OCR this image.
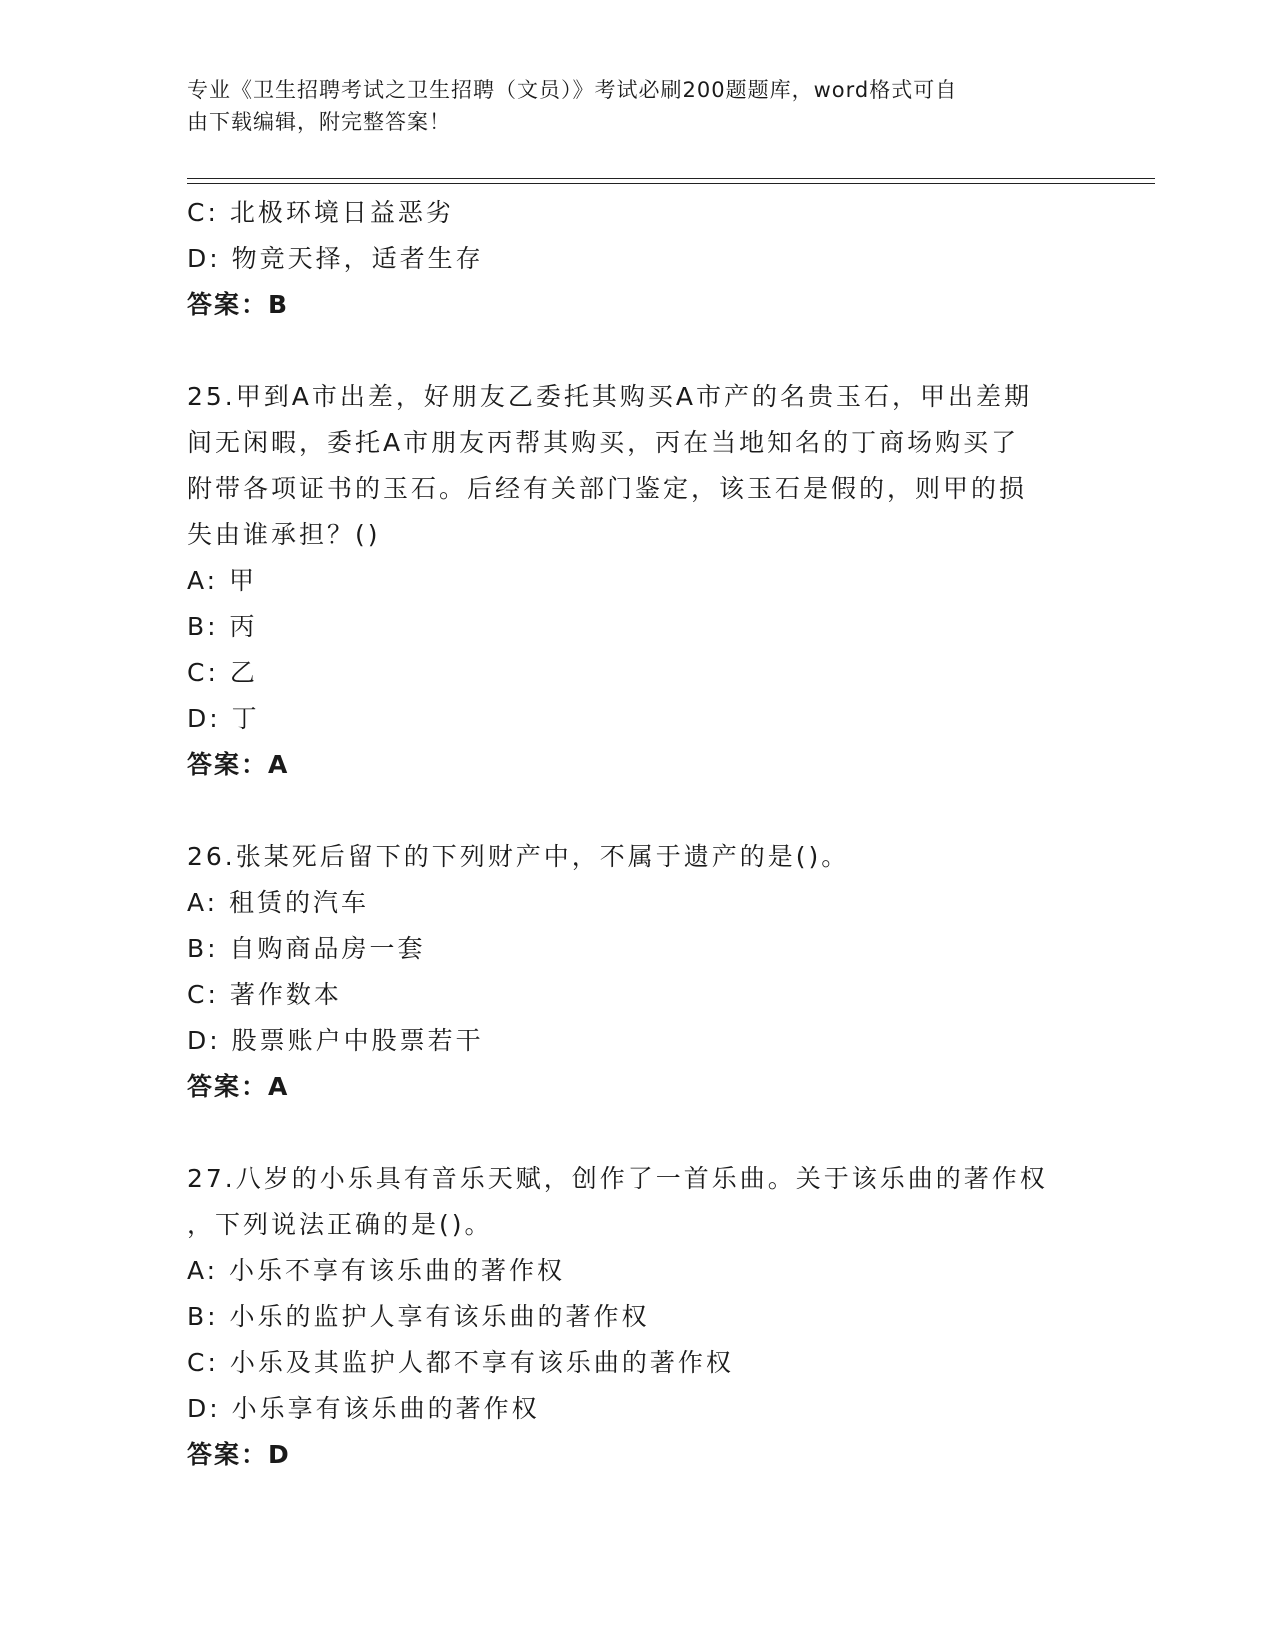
专业《卫生招聘考试之卫生招聘（文员）》考试必刷200题题库，word格式可自
由下载编辑，附完整答案！
C: 北极环境日益恶劣
D: 物竞天择，适者生存
答案：B
25.甲到A市出差，好朋友乙委托其购买A市产的名贵玉石，甲出差期
间无闲暇，委托A市朋友丙帮其购买，丙在当地知名的丁商场购买了
附带各项证书的玉石。后经有关部门鉴定，该玉石是假的，则甲的损
失由谁承担？()
A: 甲
B: 丙
C: 乙
D: 丁
答案：A
26.张某死后留下的下列财产中，不属于遗产的是()。
A: 租赁的汽车
B: 自购商品房一套
C: 著作数本
D: 股票账户中股票若干
答案：A
27.八岁的小乐具有音乐天赋，创作了一首乐曲。关于该乐曲的著作权
，下列说法正确的是()。
A: 小乐不享有该乐曲的著作权
B: 小乐的监护人享有该乐曲的著作权
C: 小乐及其监护人都不享有该乐曲的著作权
D: 小乐享有该乐曲的著作权
答案：D
